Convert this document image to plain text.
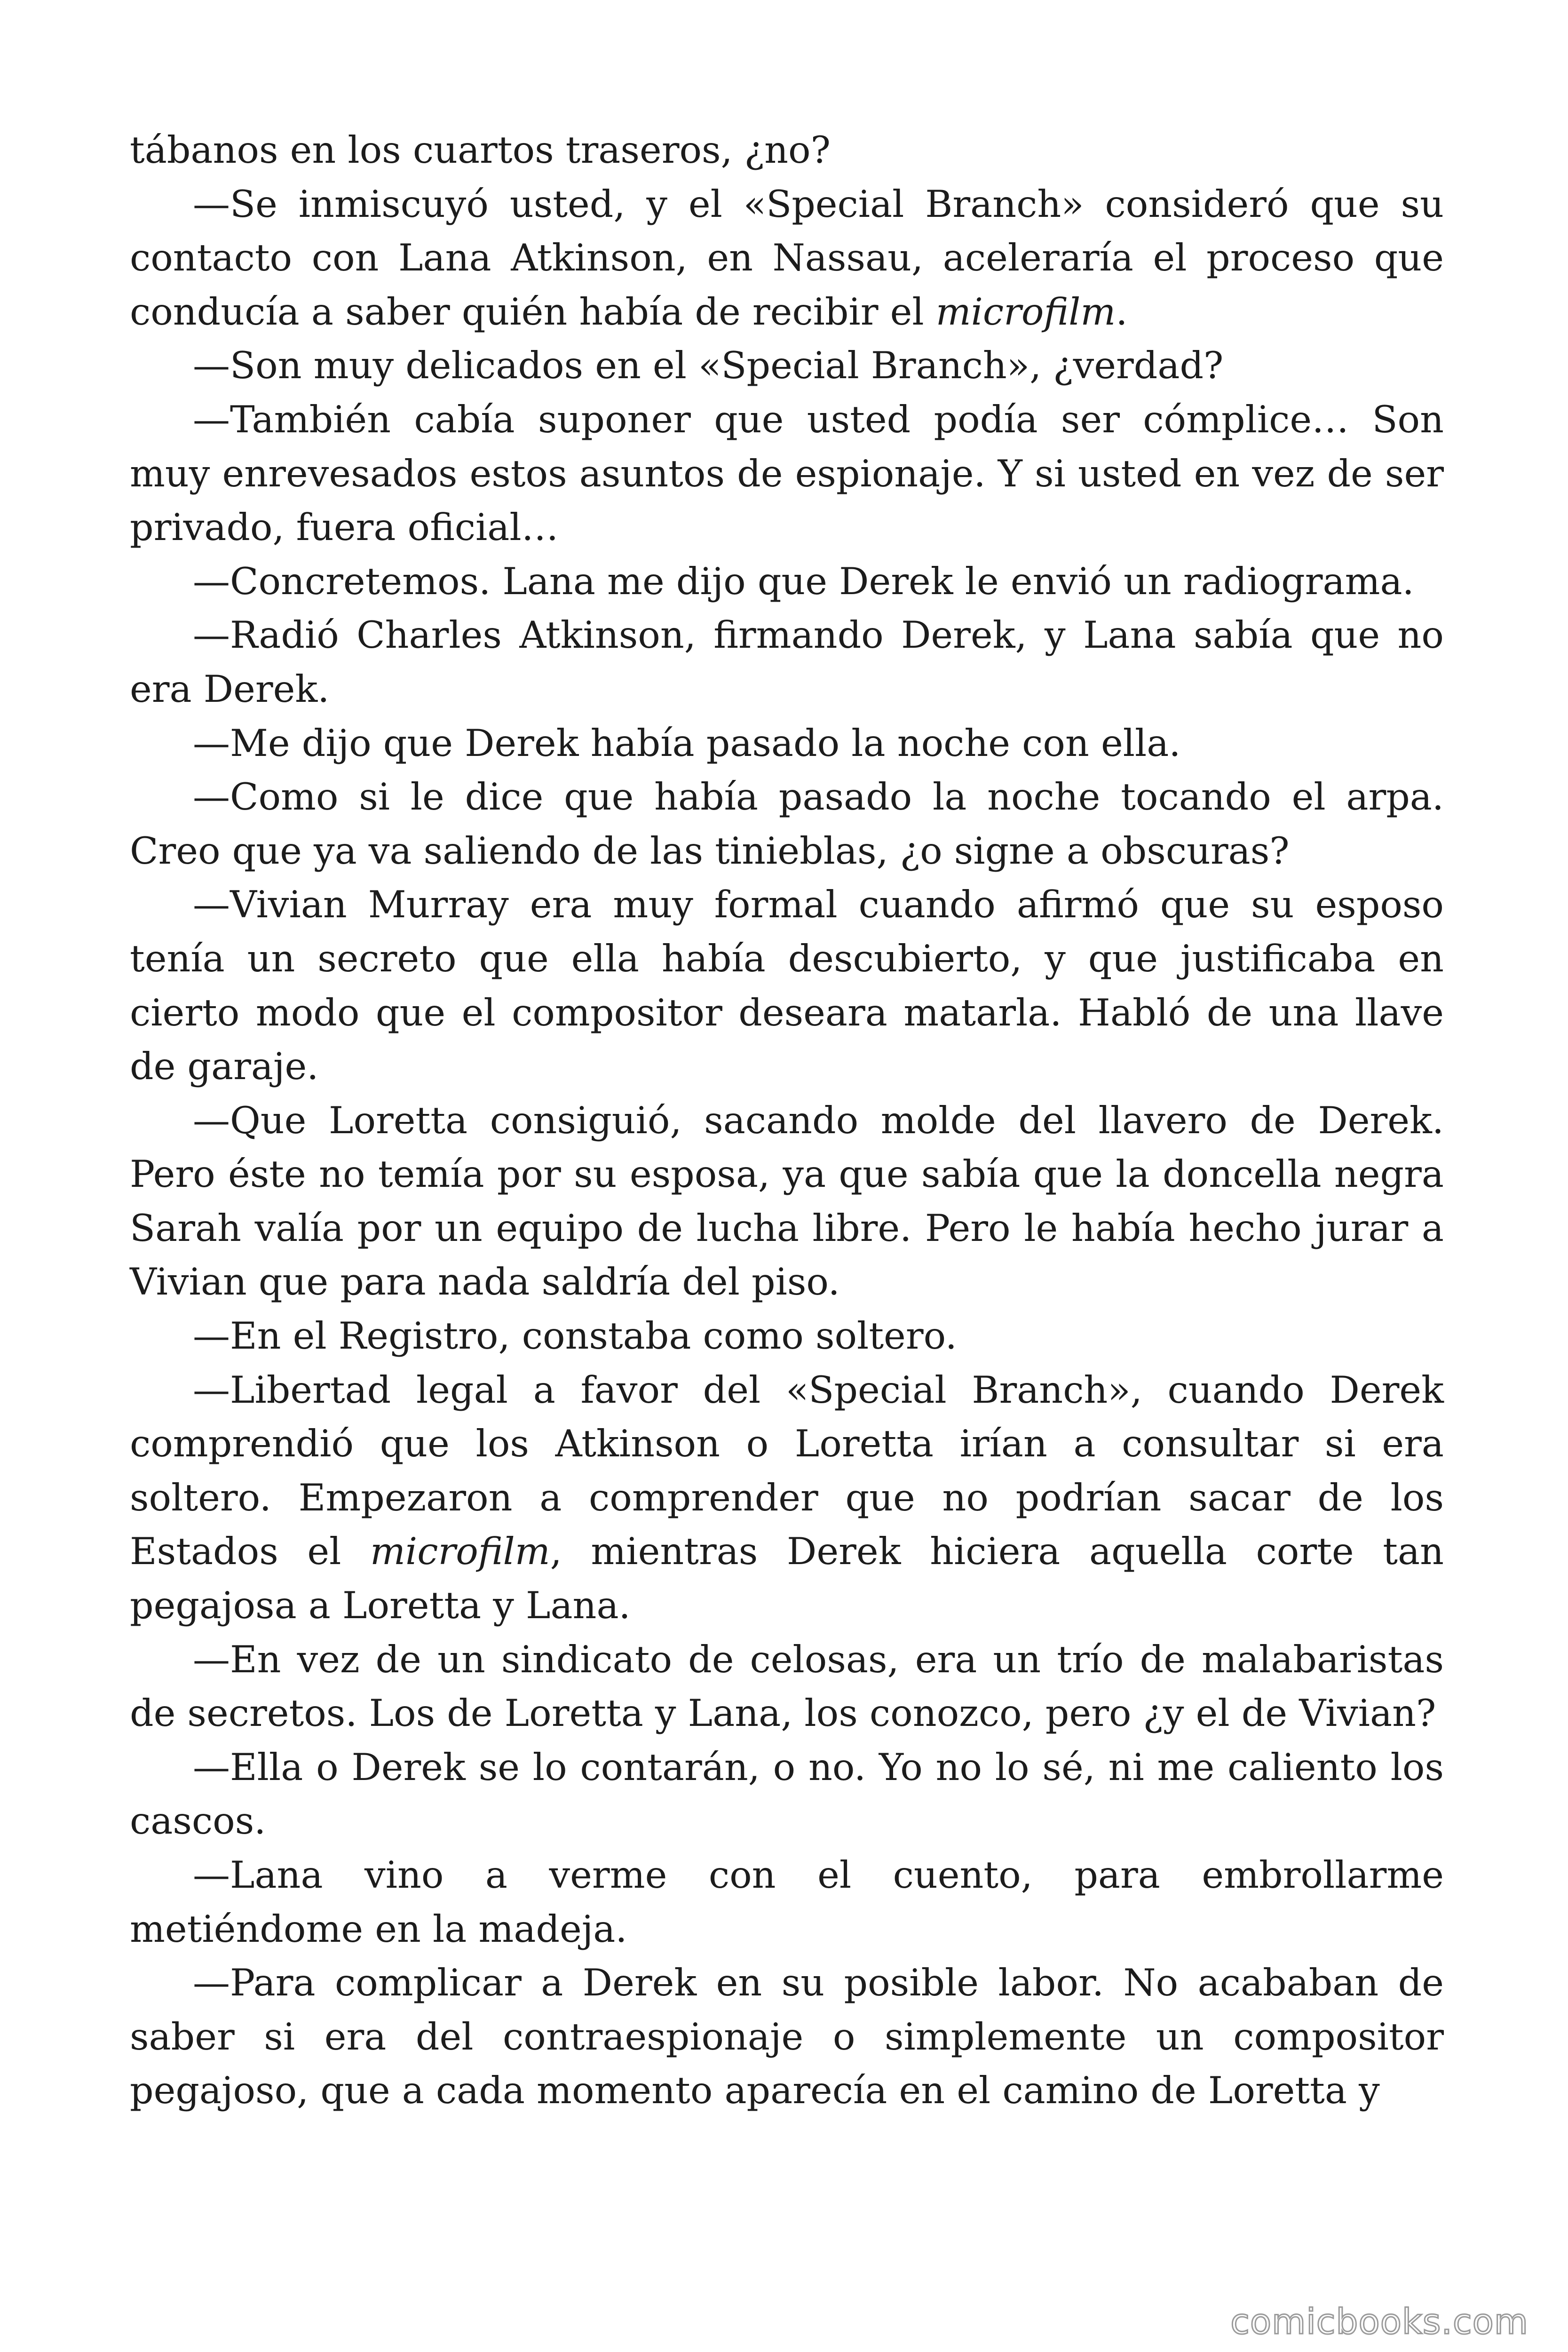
tábanos en los cuartos traseros, ¿no?

—Se inmiscuyó usted, y el «Special Branch» consideró que su contacto con Lana Atkinson, en Nassau, aceleraría el proceso que conducía a saber quién había de recibir el microfilm.

—Son muy delicados en el «Special Branch», ¿verdad?

—También cabía suponer que usted podía ser cómplice… Son muy enrevesados estos asuntos de espionaje. Y si usted en vez de ser privado, fuera oficial…

—Concretemos. Lana me dijo que Derek le envió un radiograma.

—Radió Charles Atkinson, firmando Derek, y Lana sabía que no era Derek.

—Me dijo que Derek había pasado la noche con ella.

—Como si le dice que había pasado la noche tocando el arpa. Creo que ya va saliendo de las tinieblas, ¿o signe a obscuras?

—Vivian Murray era muy formal cuando afirmó que su esposo tenía un secreto que ella había descubierto, y que justificaba en cierto modo que el compositor deseara matarla. Habló de una llave de garaje.

—Que Loretta consiguió, sacando molde del llavero de Derek. Pero éste no temía por su esposa, ya que sabía que la doncella negra Sarah valía por un equipo de lucha libre. Pero le había hecho jurar a Vivian que para nada saldría del piso.

—En el Registro, constaba como soltero.

—Libertad legal a favor del «Special Branch», cuando Derek comprendió que los Atkinson o Loretta irían a consultar si era soltero. Empezaron a comprender que no podrían sacar de los Estados el microfilm, mientras Derek hiciera aquella corte tan pegajosa a Loretta y Lana.

—En vez de un sindicato de celosas, era un trío de malabaristas de secretos. Los de Loretta y Lana, los conozco, pero ¿y el de Vivian?

—Ella o Derek se lo contarán, o no. Yo no lo sé, ni me caliento los cascos.

—Lana vino a verme con el cuento, para embrollarme metiéndome en la madeja.

—Para complicar a Derek en su posible labor. No acababan de saber si era del contraespionaje o simplemente un compositor pegajoso, que a cada momento aparecía en el camino de Loretta y

comicbooks.com
